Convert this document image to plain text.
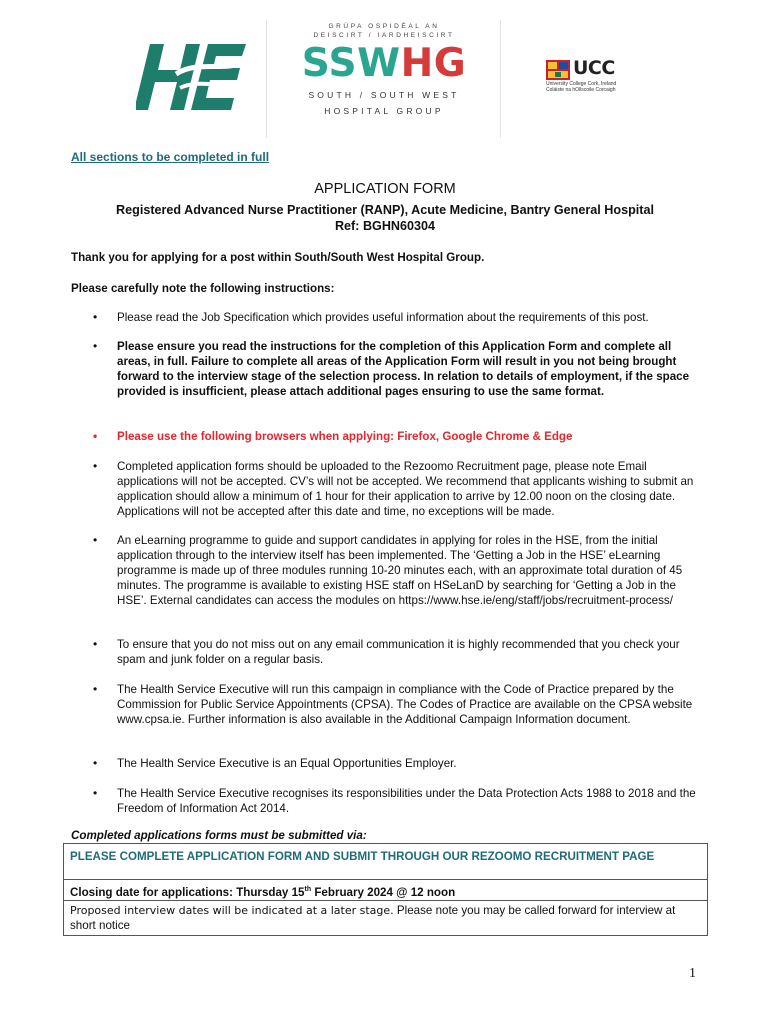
GRÚPA OSPIDÉAL AN
DEISCIRT / IARDHEISCIRT
SSWHG
SOUTH / SOUTH WEST
HOSPITAL GROUP
UCC
University College Cork, Ireland
Coláiste na hOllscoile Corcaigh
All sections to be completed in full
APPLICATION FORM
Registered Advanced Nurse Practitioner (RANP), Acute Medicine, Bantry General Hospital
Ref: BGHN60304
Thank you for applying for a post within South/South West Hospital Group.
Please carefully note the following instructions:
• Please read the Job Specification which provides useful information about the requirements of this post.
• Please ensure you read the instructions for the completion of this Application Form and complete all areas, in full. Failure to complete all areas of the Application Form will result in you not being brought forward to the interview stage of the selection process. In relation to details of employment, if the space provided is insufficient, please attach additional pages ensuring to use the same format.
• Please use the following browsers when applying: Firefox, Google Chrome & Edge
• Completed application forms should be uploaded to the Rezoomo Recruitment page, please note Email applications will not be accepted. CV’s will not be accepted. We recommend that applicants wishing to submit an application should allow a minimum of 1 hour for their application to arrive by 12.00 noon on the closing date. Applications will not be accepted after this date and time, no exceptions will be made.
• An eLearning programme to guide and support candidates in applying for roles in the HSE, from the initial application through to the interview itself has been implemented. The ‘Getting a Job in the HSE’ eLearning programme is made up of three modules running 10-20 minutes each, with an approximate total duration of 45 minutes. The programme is available to existing HSE staff on HSeLanD by searching for ‘Getting a Job in the HSE’. External candidates can access the modules on https://www.hse.ie/eng/staff/jobs/recruitment-process/
• To ensure that you do not miss out on any email communication it is highly recommended that you check your spam and junk folder on a regular basis.
• The Health Service Executive will run this campaign in compliance with the Code of Practice prepared by the Commission for Public Service Appointments (CPSA). The Codes of Practice are available on the CPSA website www.cpsa.ie. Further information is also available in the Additional Campaign Information document.
• The Health Service Executive is an Equal Opportunities Employer.
• The Health Service Executive recognises its responsibilities under the Data Protection Acts 1988 to 2018 and the Freedom of Information Act 2014.
Completed applications forms must be submitted via:
PLEASE COMPLETE APPLICATION FORM AND SUBMIT THROUGH OUR REZOOMO RECRUITMENT PAGE
Closing date for applications: Thursday 15th February 2024 @ 12 noon
Proposed interview dates will be indicated at a later stage. Please note you may be called forward for interview at short notice
1
